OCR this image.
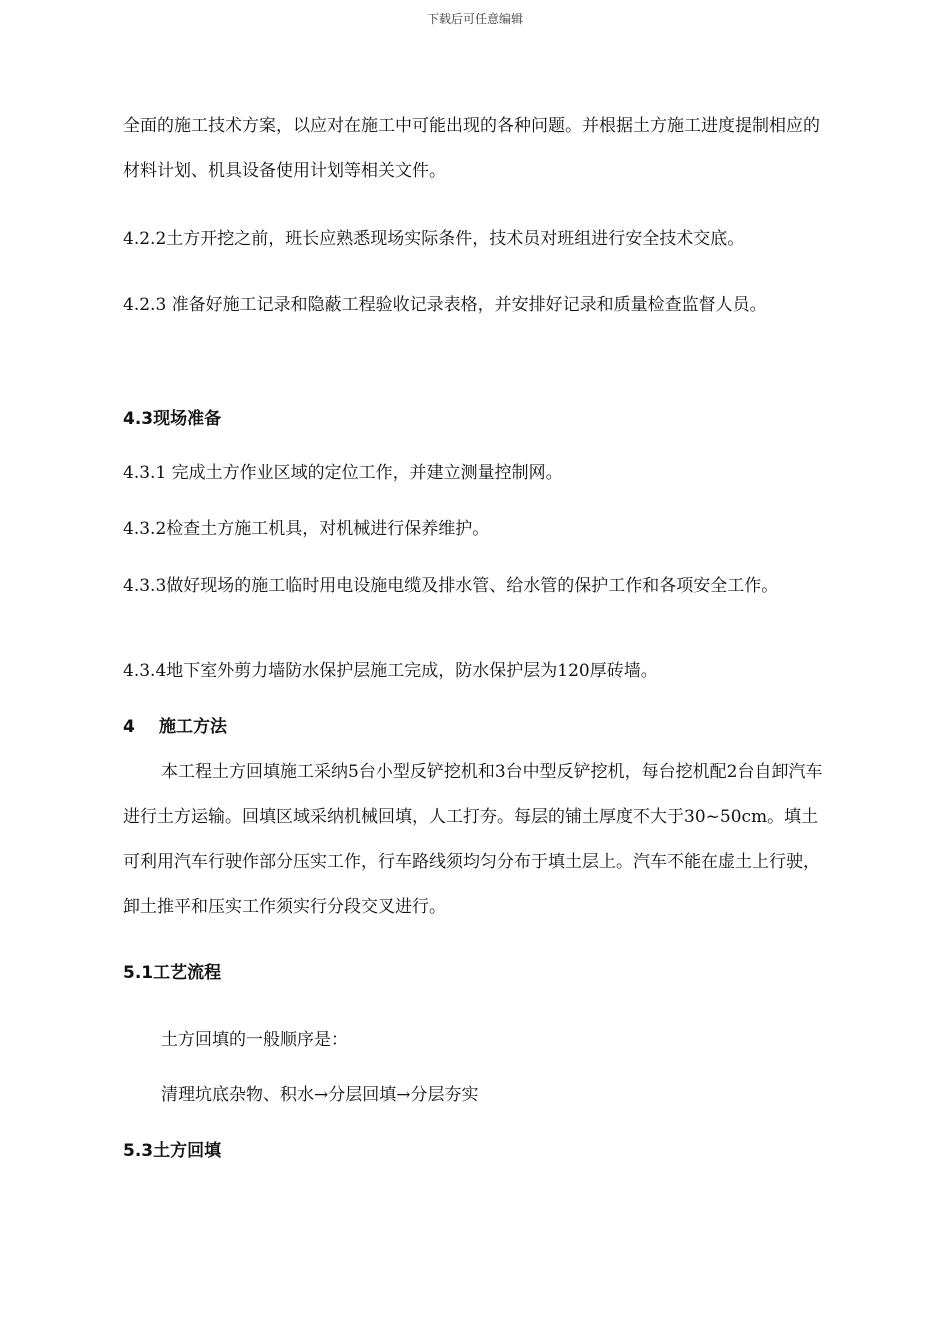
下载后可任意编辑
全面的施工技术方案，以应对在施工中可能出现的各种问题。并根据土方施工进度提制相应的材料计划、机具设备使用计划等相关文件。
4.2.2土方开挖之前，班长应熟悉现场实际条件，技术员对班组进行安全技术交底。
4.2.3 准备好施工记录和隐蔽工程验收记录表格，并安排好记录和质量检查监督人员。
4.3现场准备
4.3.1 完成土方作业区域的定位工作，并建立测量控制网。
4.3.2检查土方施工机具，对机械进行保养维护。
4.3.3做好现场的施工临时用电设施电缆及排水管、给水管的保护工作和各项安全工作。
4.3.4地下室外剪力墙防水保护层施工完成，防水保护层为120厚砖墙。
4 施工方法
本工程土方回填施工采纳5台小型反铲挖机和3台中型反铲挖机，每台挖机配2台自卸汽车进行土方运输。回填区域采纳机械回填，人工打夯。每层的铺土厚度不大于30~50cm。填土可利用汽车行驶作部分压实工作，行车路线须均匀分布于填土层上。汽车不能在虚土上行驶，卸土推平和压实工作须实行分段交叉进行。
5.1工艺流程
土方回填的一般顺序是：
清理坑底杂物、积水→分层回填→分层夯实
5.3土方回填
